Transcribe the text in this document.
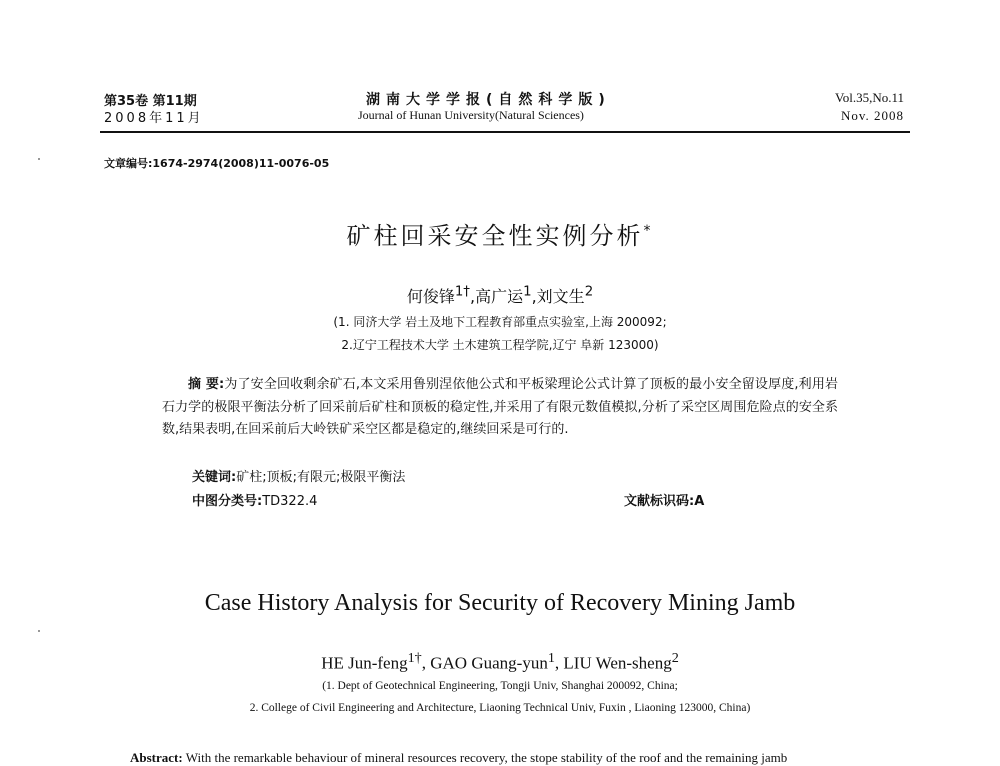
第35卷 第11期
2008年11月
湖南大学学报(自然科学版)
Journal of Hunan University(Natural Sciences)
Vol.35,No.11
Nov. 2008
文章编号:1674-2974(2008)11-0076-05
矿柱回采安全性实例分析*
何俊锋$^{1\dagger}$,高广运$^1$,刘文生$^2$
(1. 同济大学 岩土及地下工程教育部重点实验室,上海 200092;
2.辽宁工程技术大学 土木建筑工程学院,辽宁 阜新 123000)
摘 要:为了安全回收剩余矿石,本文采用鲁别涅依他公式和平板梁理论公式计算了顶板的最小安全留设厚度,利用岩石力学的极限平衡法分析了回采前后矿柱和顶板的稳定性,并采用了有限元数值模拟,分析了采空区周围危险点的安全系数,结果表明,在回采前后大岭铁矿采空区都是稳定的,继续回采是可行的.
关键词:矿柱;顶板;有限元;极限平衡法
中图分类号:TD322.4	文献标识码:A
Case History Analysis for Security of Recovery Mining Jamb
HE Jun-feng$^{1\dagger}$, GAO Guang-yun$^1$, LIU Wen-sheng$^2$
(1. Dept of Geotechnical Engineering, Tongji Univ, Shanghai 200092, China;
2. College of Civil Engineering and Architecture, Liaoning Technical Univ, Fuxin , Liaoning 123000, China)
Abstract: With the remarkable behaviour of mineral resources recovery, the stope stability of the roof and the remaining jamb
